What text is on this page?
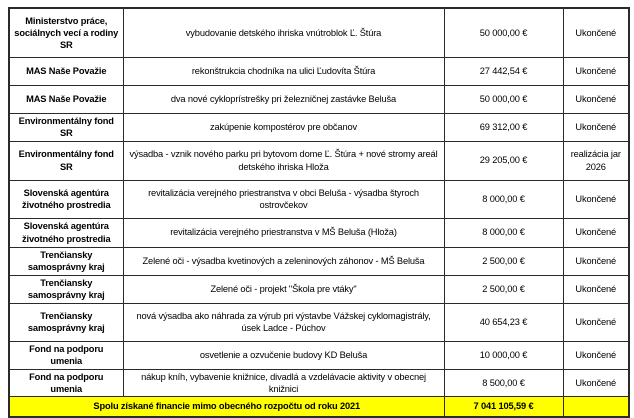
Ministerstvo práce, sociálnych vecí a rodiny SR	vybudovanie detského ihriska vnútroblok Ľ. Štúra	50 000,00 €	Ukončené
MAS Naše Považie	rekonštrukcia chodníka na ulici Ľudovíta Štúra	27 442,54 €	Ukončené
MAS Naše Považie	dva nové cykloprístrešky pri železničnej zastávke Beluša	50 000,00 €	Ukončené
Environmentálny fond SR	zakúpenie kompostérov pre občanov	69 312,00 €	Ukončené
Environmentálny fond SR	výsadba - vznik nového parku pri bytovom dome Ľ. Štúra + nové stromy areál detského ihriska Hloža	29 205,00 €	realizácia jar 2026
Slovenská agentúra životného prostredia	revitalizácia verejného priestranstva v obci Beluša - výsadba štyroch ostrovčekov	8 000,00 €	Ukončené
Slovenská agentúra životného prostredia	revitalizácia verejného priestranstva v MŠ Beluša (Hloža)	8 000,00 €	Ukončené
Trenčiansky samosprávny kraj	Zelené oči - výsadba kvetinových a zeleninových záhonov - MŠ Beluša	2 500,00 €	Ukončené
Trenčiansky samosprávny kraj	Zelené oči - projekt "Škola pre vtáky"	2 500,00 €	Ukončené
Trenčiansky samosprávny kraj	nová výsadba ako náhrada za výrub pri výstavbe Vážskej cyklomagistrály, úsek Ladce - Púchov	40 654,23 €	Ukončené
Fond na podporu umenia	osvetlenie a ozvučenie budovy KD Beluša	10 000,00 €	Ukončené
Fond na podporu umenia	nákup kníh, vybavenie knižnice, divadlá a vzdelávacie aktivity v obecnej knižnici	8 500,00 €	Ukončené
Spolu získané financie mimo obecného rozpočtu od roku 2021		7 041 105,59 €	
